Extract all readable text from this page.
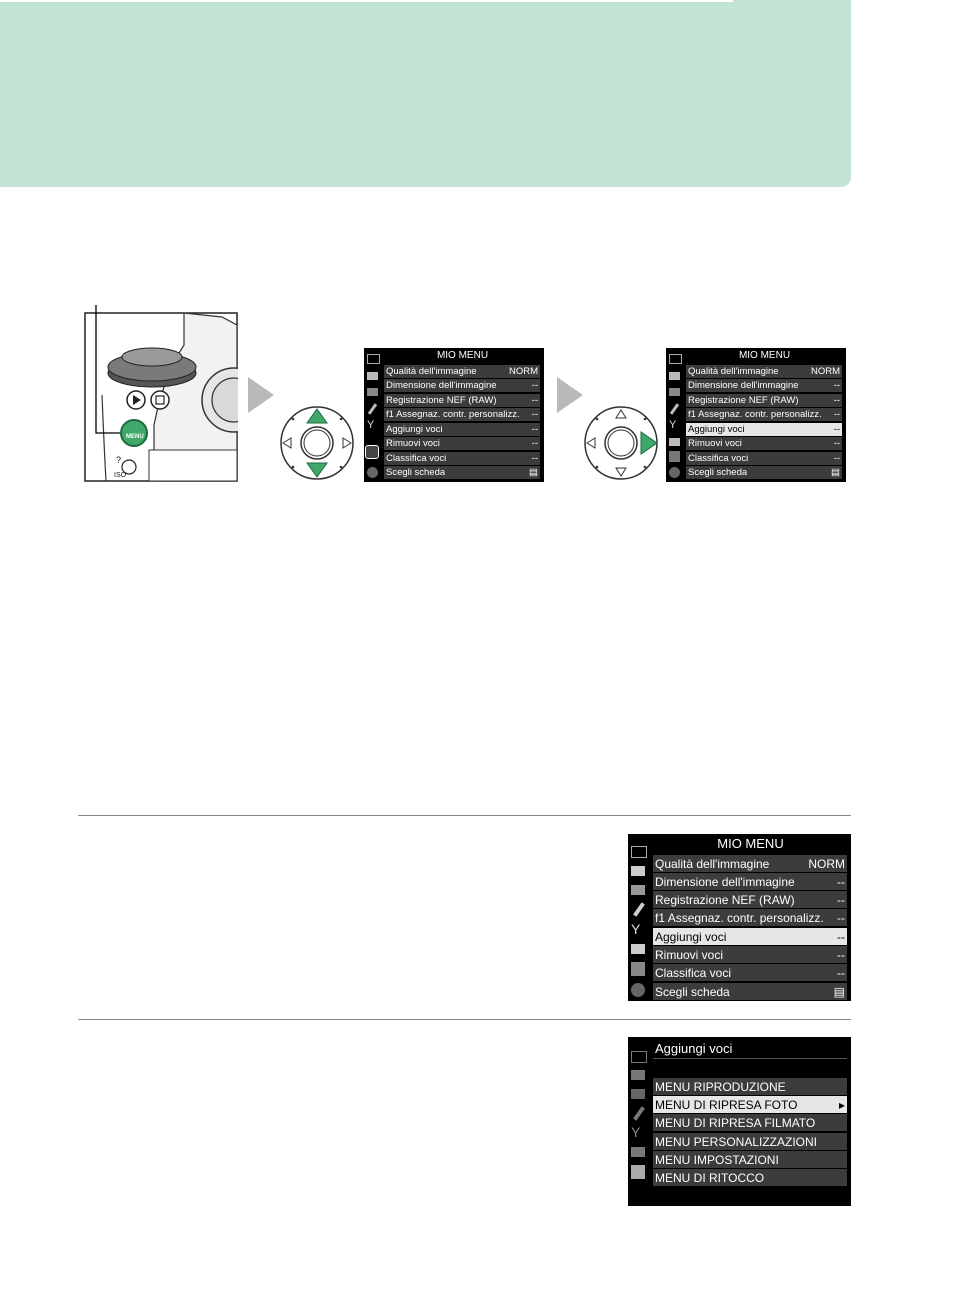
?
ISO
MENU
MIO MENU
Qualità dell'immagine	NORM
Dimensione dell'immagine	--
Registrazione NEF (RAW)	--
f1 Assegnaz. contr. personalizz. --
Aggiungi voci	--
Rimuovi voci	--
Classifica voci	--
Scegli scheda	▤
Y
MIO MENU
Qualità dell'immagine	NORM
Dimensione dell'immagine	--
Registrazione NEF (RAW)	--
f1 Assegnaz. contr. personalizz. --
Aggiungi voci	--
Rimuovi voci	--
Classifica voci	--
Scegli scheda	▤
Y
MIO MENU
Qualità dell'immagine	NORM
Dimensione dell'immagine	--
Registrazione NEF (RAW)	--
f1 Assegnaz. contr. personalizz. --
Aggiungi voci	--
Rimuovi voci	--
Classifica voci	--
Scegli scheda	▤
Y
Aggiungi voci
MENU RIPRODUZIONE
MENU DI RIPRESA FOTO	▸
MENU DI RIPRESA FILMATO
MENU PERSONALIZZAZIONI
MENU IMPOSTAZIONI
MENU DI RITOCCO
Y
